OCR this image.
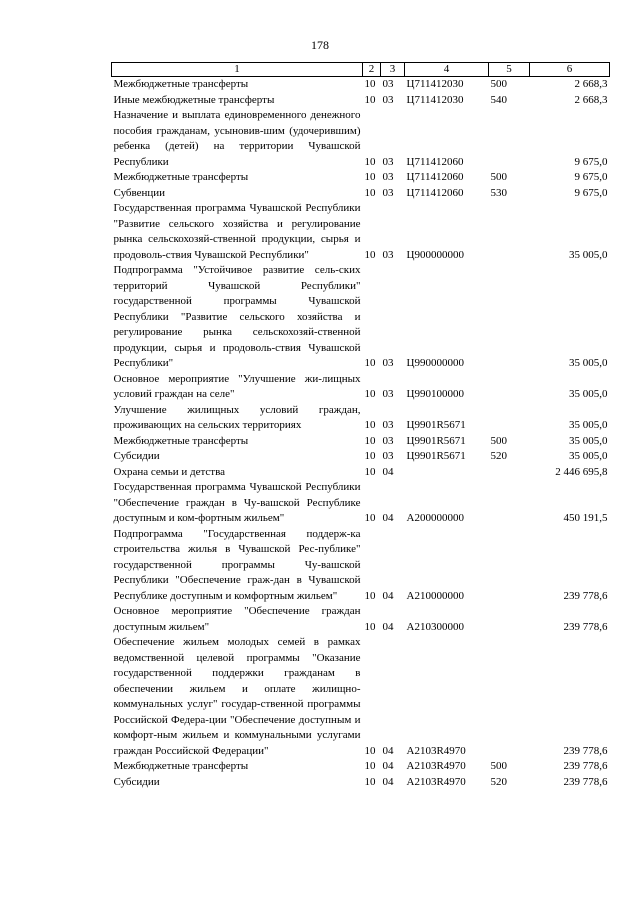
178
1	2	3	4	5	6
Межбюджетные трансферты	10	03	Ц711412030	500	2 668,3
Иные межбюджетные трансферты	10	03	Ц711412030	540	2 668,3
Назначение и выплата единовременного денежного пособия гражданам, усыновив-шим (удочерившим) ребенка (детей) на территории Чувашской Республики	10	03	Ц711412060		9 675,0
Межбюджетные трансферты	10	03	Ц711412060	500	9 675,0
Субвенции	10	03	Ц711412060	530	9 675,0
Государственная программа Чувашской Республики "Развитие сельского хозяйства и регулирование рынка сельскохозяй-ственной продукции, сырья и продоволь-ствия Чувашской Республики"	10	03	Ц900000000		35 005,0
Подпрограмма "Устойчивое развитие сель-ских территорий Чувашской Республики" государственной программы Чувашской Республики "Развитие сельского хозяйства и регулирование рынка сельскохозяй-ственной продукции, сырья и продоволь-ствия Чувашской Республики"	10	03	Ц990000000		35 005,0
Основное мероприятие "Улучшение жи-лищных условий граждан на селе"	10	03	Ц990100000		35 005,0
Улучшение жилищных условий граждан, проживающих на сельских территориях	10	03	Ц9901R5671		35 005,0
Межбюджетные трансферты	10	03	Ц9901R5671	500	35 005,0
Субсидии	10	03	Ц9901R5671	520	35 005,0
Охрана семьи и детства	10	04			2 446 695,8
Государственная программа Чувашской Республики "Обеспечение граждан в Чу-вашской Республике доступным и ком-фортным жильем"	10	04	А200000000		450 191,5
Подпрограмма "Государственная поддерж-ка строительства жилья в Чувашской Рес-публике" государственной программы Чу-вашской Республики "Обеспечение граж-дан в Чувашской Республике доступным и комфортным жильем"	10	04	А210000000		239 778,6
Основное мероприятие "Обеспечение граждан доступным жильем"	10	04	А210300000		239 778,6
Обеспечение жильем молодых семей в рамках ведомственной целевой программы "Оказание государственной поддержки гражданам в обеспечении жильем и оплате жилищно-коммунальных услуг" государ-ственной программы Российской Федера-ции "Обеспечение доступным и комфорт-ным жильем и коммунальными услугами граждан Российской Федерации"	10	04	А2103R4970		239 778,6
Межбюджетные трансферты	10	04	А2103R4970	500	239 778,6
Субсидии	10	04	А2103R4970	520	239 778,6
